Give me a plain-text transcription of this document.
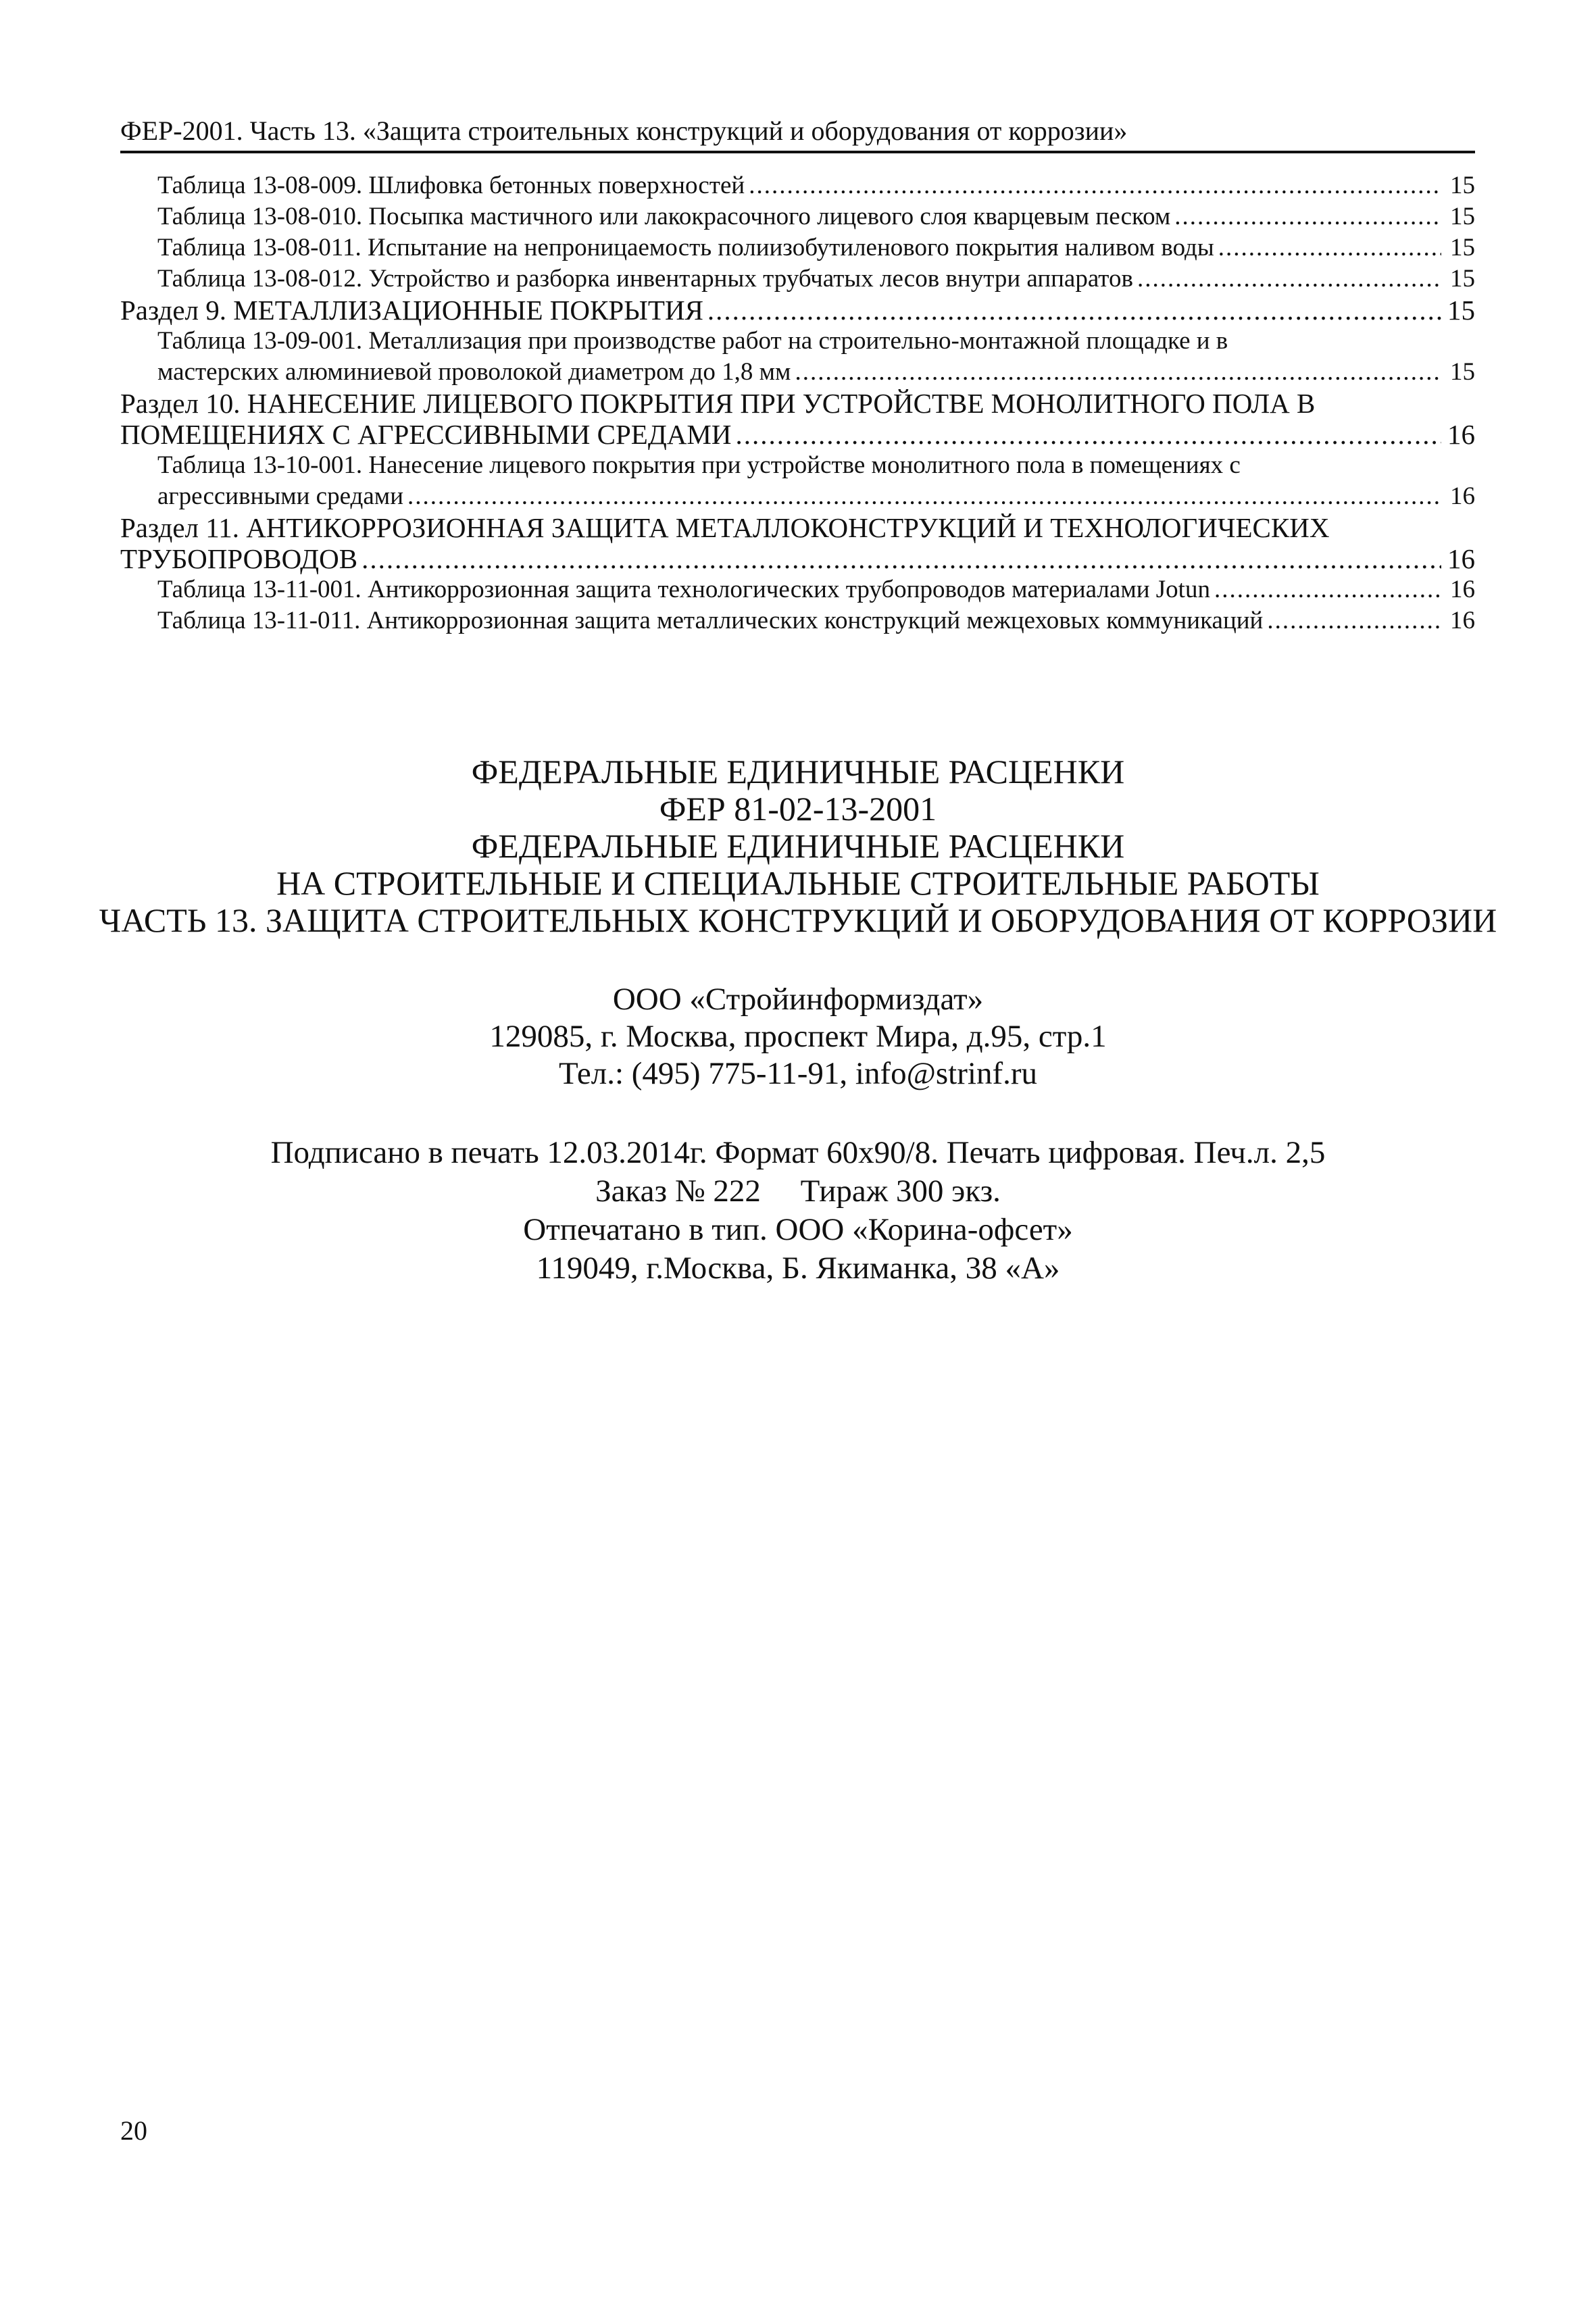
ФЕР-2001. Часть 13. «Защита строительных конструкций и оборудования от коррозии»
Таблица 13-08-009. Шлифовка бетонных поверхностей .....	15
Таблица 13-08-010. Посыпка мастичного или лакокрасочного лицевого слоя кварцевым песком .....	15
Таблица 13-08-011. Испытание на непроницаемость полиизобутиленового покрытия наливом воды .....	15
Таблица 13-08-012. Устройство и разборка инвентарных трубчатых лесов внутри аппаратов .....	15
Раздел 9. МЕТАЛЛИЗАЦИОННЫЕ ПОКРЫТИЯ .....	15
Таблица 13-09-001. Металлизация при производстве работ на строительно-монтажной площадке и в
мастерских алюминиевой проволокой диаметром до 1,8 мм .....	15
Раздел 10. НАНЕСЕНИЕ ЛИЦЕВОГО ПОКРЫТИЯ ПРИ УСТРОЙСТВЕ МОНОЛИТНОГО ПОЛА В
ПОМЕЩЕНИЯХ С АГРЕССИВНЫМИ СРЕДАМИ .....	16
Таблица 13-10-001. Нанесение лицевого покрытия при устройстве монолитного пола в помещениях с
агрессивными средами .....	16
Раздел 11. АНТИКОРРОЗИОННАЯ ЗАЩИТА МЕТАЛЛОКОНСТРУКЦИЙ И ТЕХНОЛОГИЧЕСКИХ
ТРУБОПРОВОДОВ .....	16
Таблица 13-11-001. Антикоррозионная защита технологических трубопроводов материалами Jotun .....	16
Таблица 13-11-011. Антикоррозионная защита металлических конструкций межцеховых коммуникаций .....	16
ФЕДЕРАЛЬНЫЕ ЕДИНИЧНЫЕ РАСЦЕНКИ
ФЕР 81-02-13-2001
ФЕДЕРАЛЬНЫЕ ЕДИНИЧНЫЕ РАСЦЕНКИ
НА СТРОИТЕЛЬНЫЕ И СПЕЦИАЛЬНЫЕ СТРОИТЕЛЬНЫЕ РАБОТЫ
ЧАСТЬ 13. ЗАЩИТА СТРОИТЕЛЬНЫХ КОНСТРУКЦИЙ И ОБОРУДОВАНИЯ ОТ КОРРОЗИИ
ООО «Стройинформиздат»
129085, г. Москва, проспект Мира, д.95, стр.1
Тел.: (495) 775-11-91, info@strinf.ru
Подписано в печать 12.03.2014г. Формат 60х90/8. Печать цифровая. Печ.л. 2,5
Заказ № 222     Тираж 300 экз.
Отпечатано в тип. ООО «Корина-офсет»
119049, г.Москва, Б. Якиманка, 38 «А»
20
